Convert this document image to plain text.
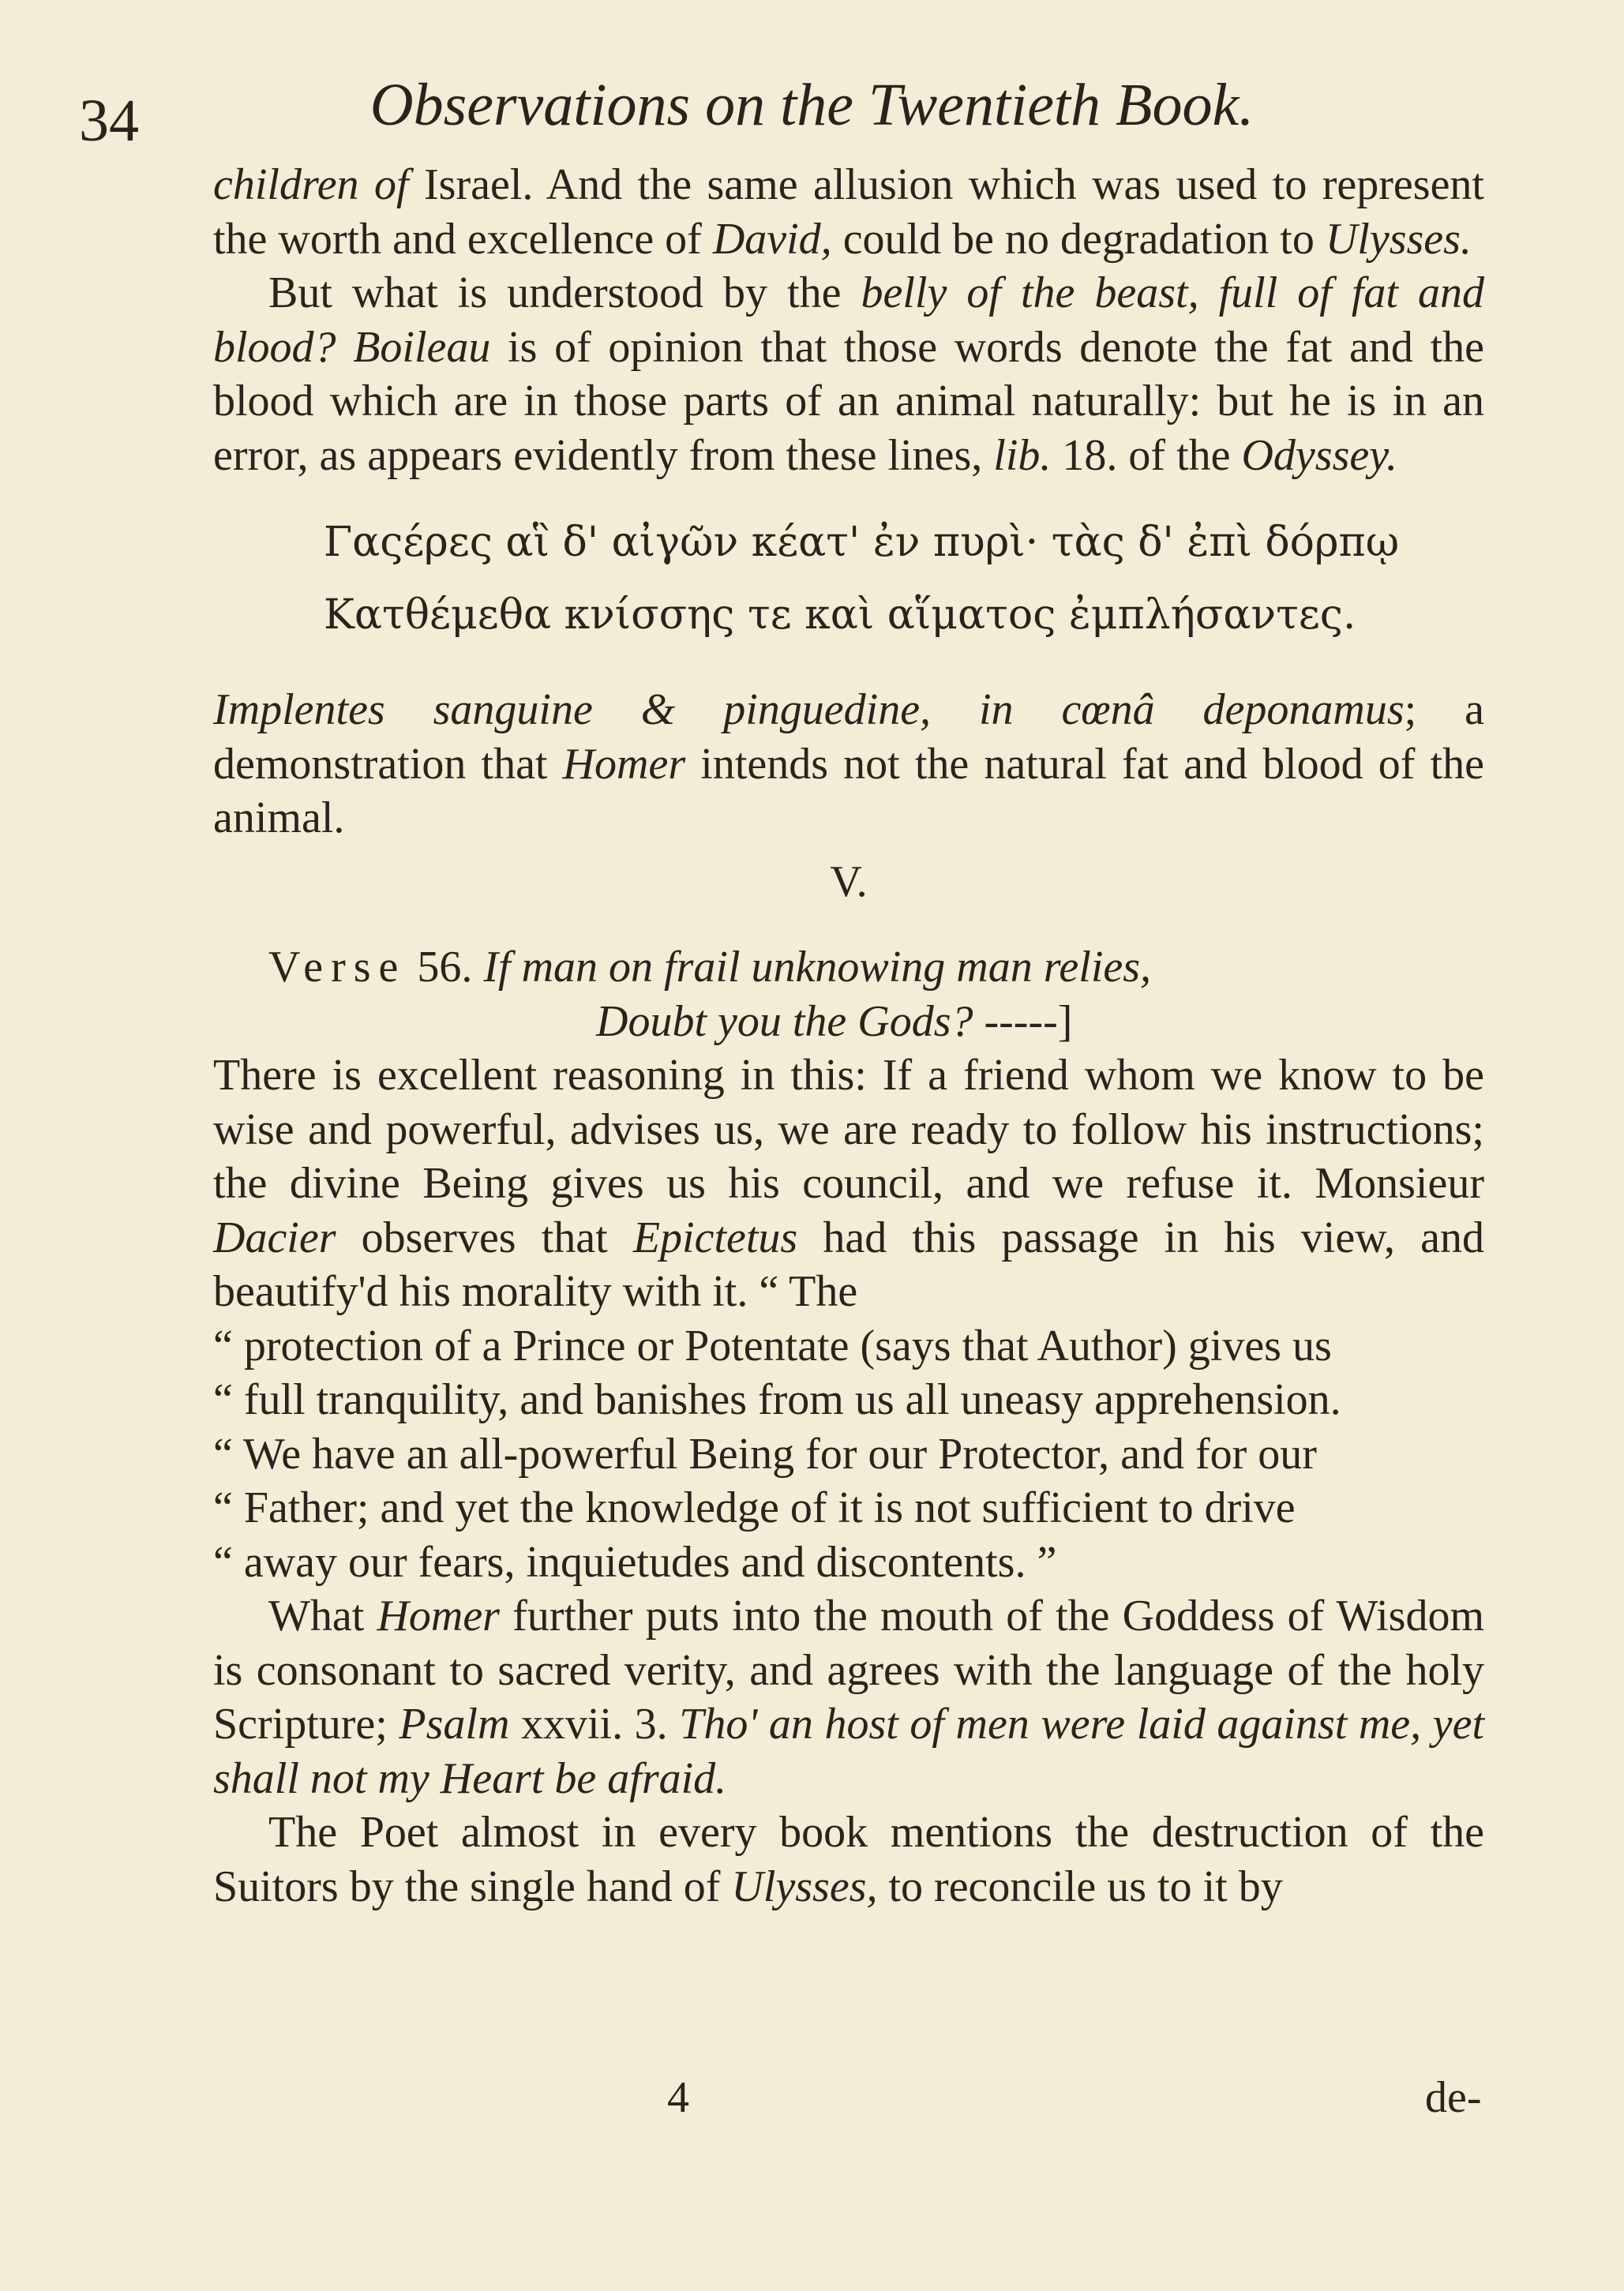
34	Observations on the Twentieth Book.

children of Israel. And the same allusion which was used to represent the worth and excellence of David, could be no degradation to Ulysses.

But what is understood by the belly of the beast, full of fat and blood? Boileau is of opinion that those words denote the fat and the blood which are in those parts of an animal naturally: but he is in an error, as appears evidently from these lines, lib. 18. of the Odyssey.

Γαςέρες αἳ δ' αἰγῶν κέατ' ἐν πυρὶ· τὰς δ' ἐπὶ δόρπῳ
Κατθέμεθα κνίσσης τε καὶ αἵματος ἐμπλήσαντες.

Implentes sanguine & pinguedine, in cœnâ deponamus; a demonstration that Homer intends not the natural fat and blood of the animal.

V.
Verse 56. If man on frail unknowing man relies,
Doubt you the Gods? -----]

There is excellent reasoning in this: If a friend whom we know to be wise and powerful, advises us, we are ready to follow his instructions; the divine Being gives us his council, and we refuse it. Monsieur Dacier observes that Epictetus had this passage in his view, and beautify'd his morality with it. “ The

“ protection of a Prince or Potentate (says that Author) gives us

“ full tranquility, and banishes from us all uneasy apprehension.

“ We have an all-powerful Being for our Protector, and for our

“ Father; and yet the knowledge of it is not sufficient to drive

“ away our fears, inquietudes and discontents. ”

What Homer further puts into the mouth of the Goddess of Wisdom is consonant to sacred verity, and agrees with the language of the holy Scripture; Psalm xxvii. 3. Tho' an host of men were laid against me, yet shall not my Heart be afraid.

The Poet almost in every book mentions the destruction of the Suitors by the single hand of Ulysses, to reconcile us to it by

4	de-
